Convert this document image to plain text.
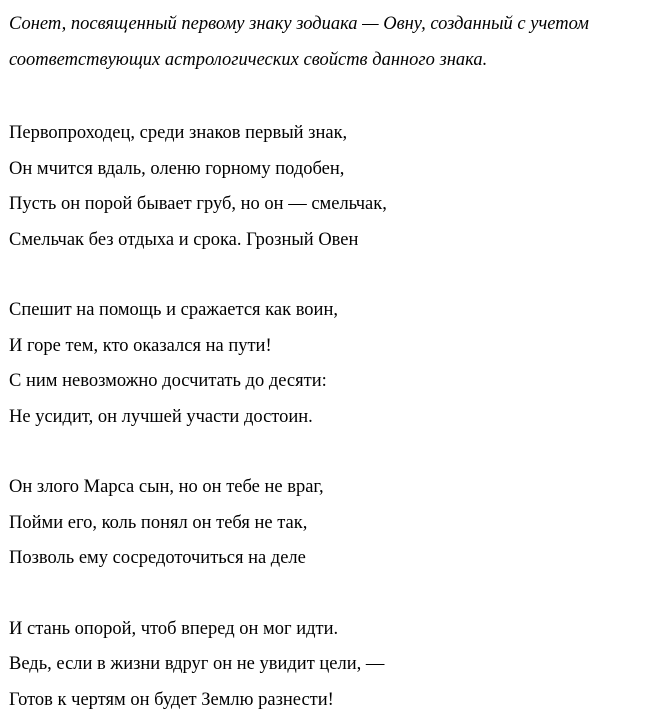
Сонет, посвященный первому знаку зодиака — Овну, созданный с учетом
соответствующих астрологических свойств данного знака.

Первопроходец, среди знаков первый знак,
Он мчится вдаль, оленю горному подобен,
Пусть он порой бывает груб, но он — смельчак,
Смельчак без отдыха и срока. Грозный Овен

Спешит на помощь и сражается как воин,
И горе тем, кто оказался на пути!
С ним невозможно досчитать до десяти:
Не усидит, он лучшей участи достоин.

Он злого Марса сын, но он тебе не враг,
Пойми его, коль понял он тебя не так,
Позволь ему сосредоточиться на деле

И стань опорой, чтоб вперед он мог идти.
Ведь, если в жизни вдруг он не увидит цели, —
Готов к чертям он будет Землю разнести!
